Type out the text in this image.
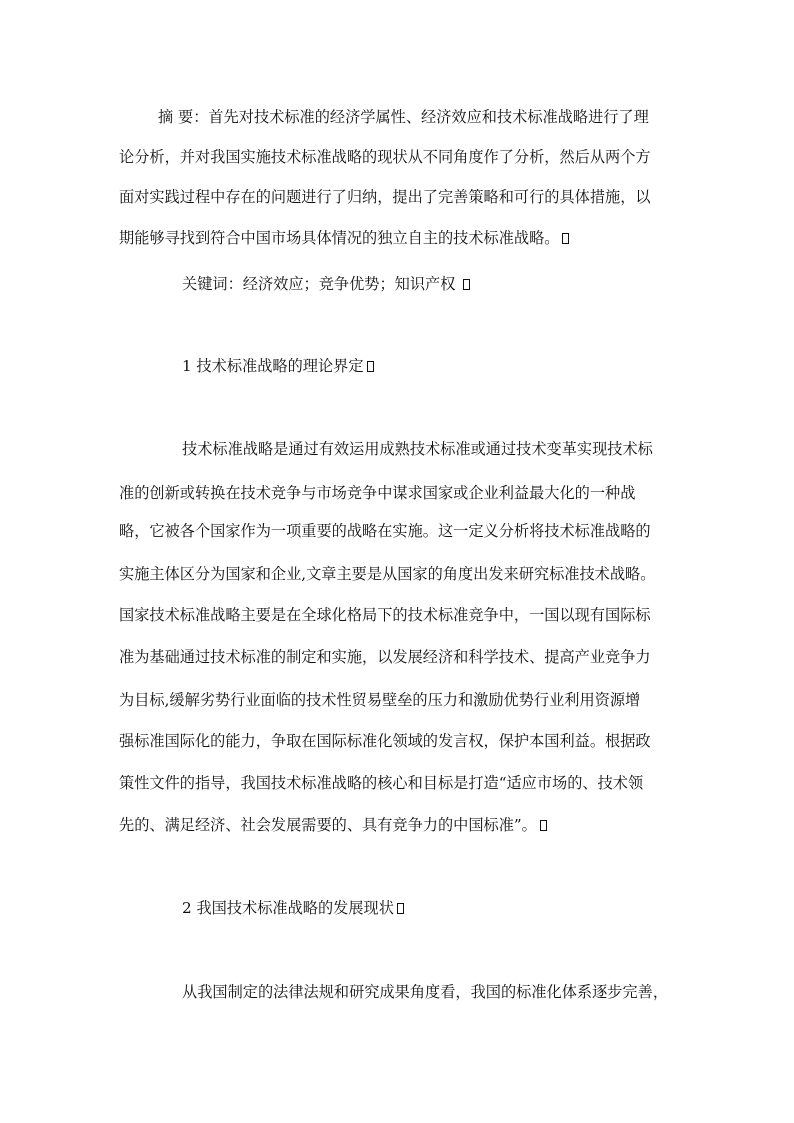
摘 要：首先对技术标准的经济学属性、经济效应和技术标准战略进行了理
论分析，并对我国实施技术标准战略的现状从不同角度作了分析，然后从两个方
面对实践过程中存在的问题进行了归纳，提出了完善策略和可行的具体措施，以
期能够寻找到符合中国市场具体情况的独立自主的技术标准战略。
关键词：经济效应；竞争优势；知识产权
1 技术标准战略的理论界定
技术标准战略是通过有效运用成熟技术标准或通过技术变革实现技术标
准的创新或转换在技术竞争与市场竞争中谋求国家或企业利益最大化的一种战
略，它被各个国家作为一项重要的战略在实施。这一定义分析将技术标准战略的
实施主体区分为国家和企业,文章主要是从国家的角度出发来研究标准技术战略。
国家技术标准战略主要是在全球化格局下的技术标准竞争中，一国以现有国际标
准为基础通过技术标准的制定和实施，以发展经济和科学技术、提高产业竞争力
为目标,缓解劣势行业面临的技术性贸易壁垒的压力和激励优势行业利用资源增
强标准国际化的能力，争取在国际标准化领域的发言权，保护本国利益。根据政
策性文件的指导，我国技术标准战略的核心和目标是打造“适应市场的、技术领
先的、满足经济、社会发展需要的、具有竞争力的中国标准”。
2 我国技术标准战略的发展现状
从我国制定的法律法规和研究成果角度看，我国的标准化体系逐步完善，
